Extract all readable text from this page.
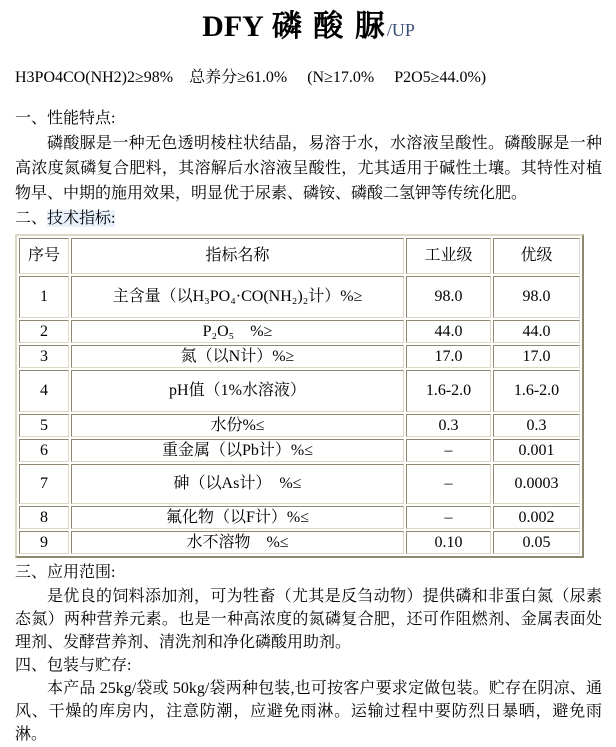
DFY 磷 酸 脲/UP

H3PO4CO(NH2)2≥98%　总养分≥61.0%　 (N≥17.0%　 P2O5≥44.0%)

一、性能特点:

磷酸脲是一种无色透明棱柱状结晶，易溶于水，水溶液呈酸性。磷酸脲是一种高浓度氮磷复合肥料，其溶解后水溶液呈酸性，尤其适用于碱性土壤。其特性对植物早、中期的施用效果，明显优于尿素、磷铵、磷酸二氢钾等传统化肥。

二、技术指标:

序号	指标名称	工业级	优级
1	主含量（以H₃PO₄·CO(NH₂)₂计）%≥	98.0	98.0
2	P₂O₅　%≥	44.0	44.0
3	氮（以N计）%≥	17.0	17.0
4	pH值（1%水溶液）	1.6-2.0	1.6-2.0
5	水份%≤	0.3	0.3
6	重金属（以Pb计）%≤	–	0.001
7	砷（以As计）　%≤	–	0.0003
8	氟化物（以F计）%≤	–	0.002
9	水不溶物　%≤	0.10	0.05

三、应用范围:

是优良的饲料添加剂，可为牲畜（尤其是反刍动物）提供磷和非蛋白氮（尿素态氮）两种营养元素。也是一种高浓度的氮磷复合肥，还可作阻燃剂、金属表面处理剂、发酵营养剂、清洗剂和净化磷酸用助剂。

四、包装与贮存:

本产品 25kg/袋或 50kg/袋两种包装,也可按客户要求定做包装。贮存在阴凉、通风、干燥的库房内，注意防潮，应避免雨淋。运输过程中要防烈日暴晒，避免雨淋。
